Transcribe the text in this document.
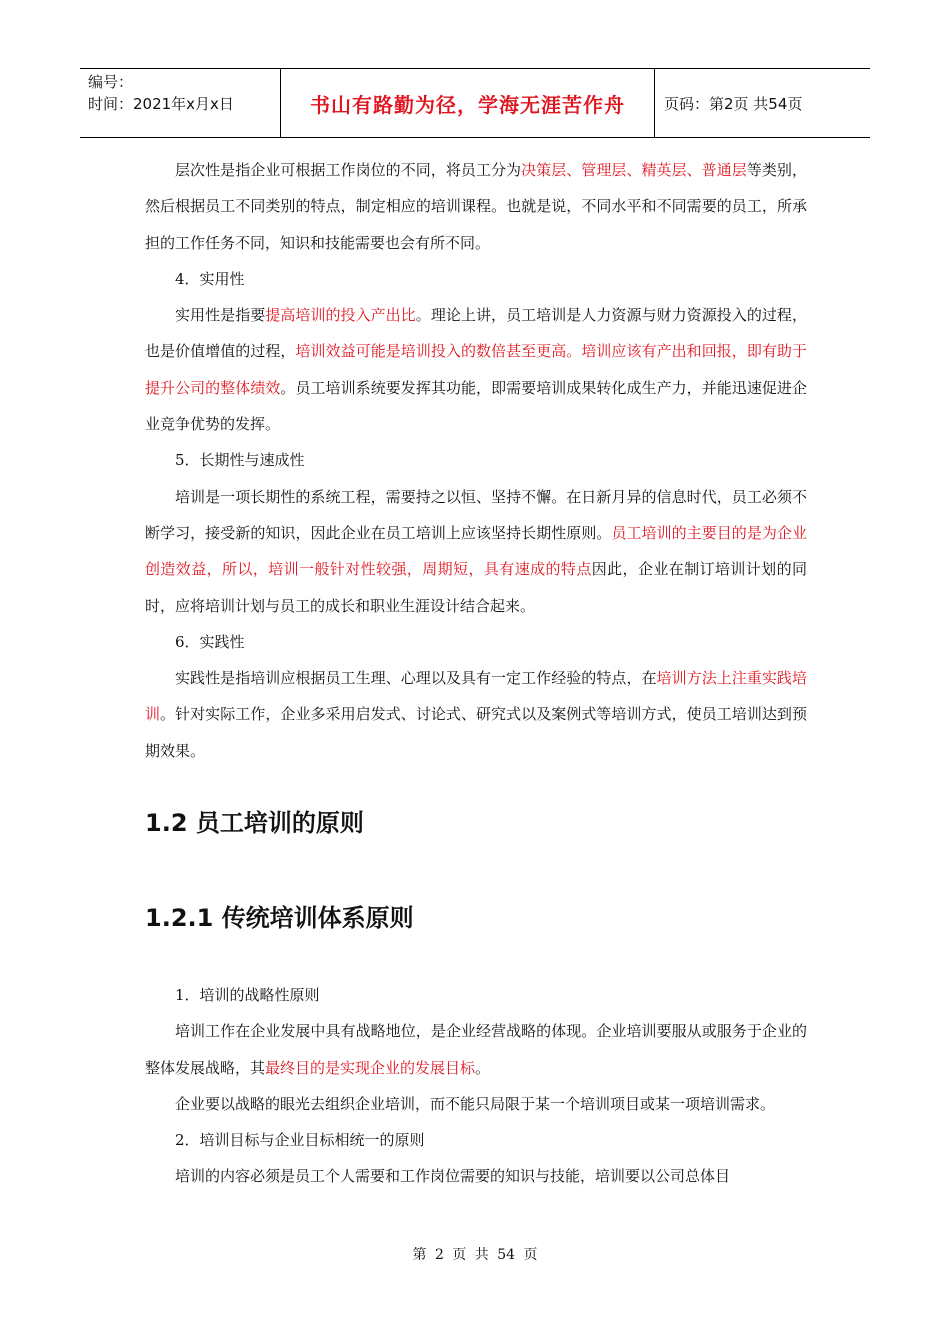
编号：
时间：2021年x月x日	书山有路勤为径，学海无涯苦作舟	页码：第2页 共54页

层次性是指企业可根据工作岗位的不同，将员工分为决策层、管理层、精英层、普通层等类别，然后根据员工不同类别的特点，制定相应的培训课程。也就是说，不同水平和不同需要的员工，所承担的工作任务不同，知识和技能需要也会有所不同。

4．实用性

实用性是指要提高培训的投入产出比。理论上讲，员工培训是人力资源与财力资源投入的过程，也是价值增值的过程，培训效益可能是培训投入的数倍甚至更高。培训应该有产出和回报，即有助于提升公司的整体绩效。员工培训系统要发挥其功能，即需要培训成果转化成生产力，并能迅速促进企业竞争优势的发挥。

5．长期性与速成性

培训是一项长期性的系统工程，需要持之以恒、坚持不懈。在日新月异的信息时代，员工必须不断学习，接受新的知识，因此企业在员工培训上应该坚持长期性原则。员工培训的主要目的是为企业创造效益，所以，培训一般针对性较强，周期短，具有速成的特点因此，企业在制订培训计划的同时，应将培训计划与员工的成长和职业生涯设计结合起来。

6．实践性

实践性是指培训应根据员工生理、心理以及具有一定工作经验的特点，在培训方法上注重实践培训。针对实际工作，企业多采用启发式、讨论式、研究式以及案例式等培训方式，使员工培训达到预期效果。

1.2 员工培训的原则
1.2.1 传统培训体系原则

1．培训的战略性原则

培训工作在企业发展中具有战略地位，是企业经营战略的体现。企业培训要服从或服务于企业的整体发展战略，其最终目的是实现企业的发展目标。

企业要以战略的眼光去组织企业培训，而不能只局限于某一个培训项目或某一项培训需求。

2．培训目标与企业目标相统一的原则

培训的内容必须是员工个人需要和工作岗位需要的知识与技能，培训要以公司总体目

第 2 页 共 54 页
